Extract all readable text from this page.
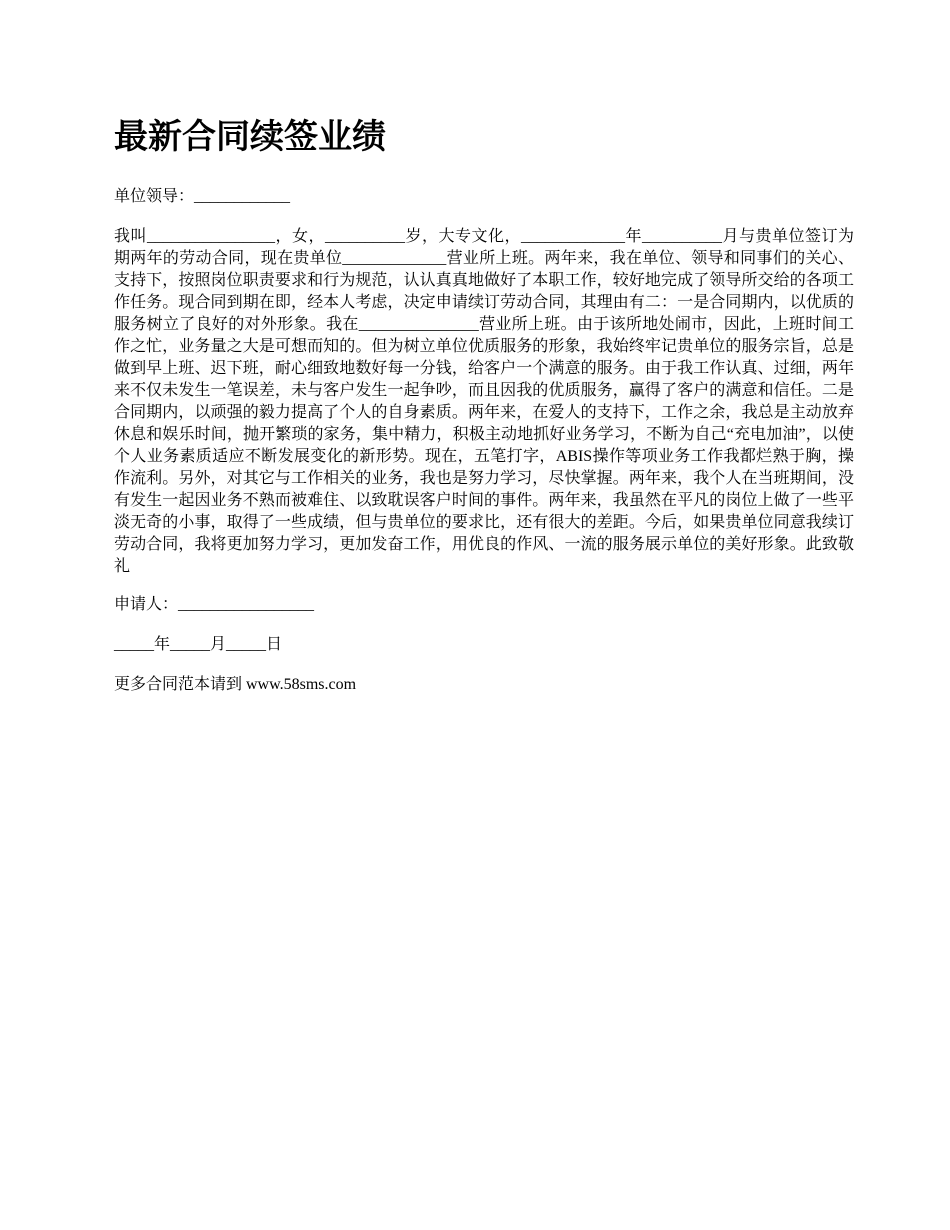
最新合同续签业绩

单位领导：____________

我叫________________，女，__________岁，大专文化，_____________年__________月与贵单位签订为期两年的劳动合同，现在贵单位_____________营业所上班。两年来，我在单位、领导和同事们的关心、支持下，按照岗位职责要求和行为规范，认认真真地做好了本职工作，较好地完成了领导所交给的各项工作任务。现合同到期在即，经本人考虑，决定申请续订劳动合同，其理由有二：一是合同期内，以优质的服务树立了良好的对外形象。我在_______________营业所上班。由于该所地处闹市，因此，上班时间工作之忙，业务量之大是可想而知的。但为树立单位优质服务的形象，我始终牢记贵单位的服务宗旨，总是做到早上班、迟下班，耐心细致地数好每一分钱，给客户一个满意的服务。由于我工作认真、过细，两年来不仅未发生一笔误差，未与客户发生一起争吵，而且因我的优质服务，赢得了客户的满意和信任。二是合同期内，以顽强的毅力提高了个人的自身素质。两年来，在爱人的支持下，工作之余，我总是主动放弃休息和娱乐时间，抛开繁琐的家务，集中精力，积极主动地抓好业务学习，不断为自己“充电加油”，以使个人业务素质适应不断发展变化的新形势。现在，五笔打字，ABIS操作等项业务工作我都烂熟于胸，操作流利。另外，对其它与工作相关的业务，我也是努力学习，尽快掌握。两年来，我个人在当班期间，没有发生一起因业务不熟而被难住、以致耽误客户时间的事件。两年来，我虽然在平凡的岗位上做了一些平淡无奇的小事，取得了一些成绩，但与贵单位的要求比，还有很大的差距。今后，如果贵单位同意我续订劳动合同，我将更加努力学习，更加发奋工作，用优良的作风、一流的服务展示单位的美好形象。此致敬礼

申请人：_________________

_____年_____月_____日

更多合同范本请到 www.58sms.com
